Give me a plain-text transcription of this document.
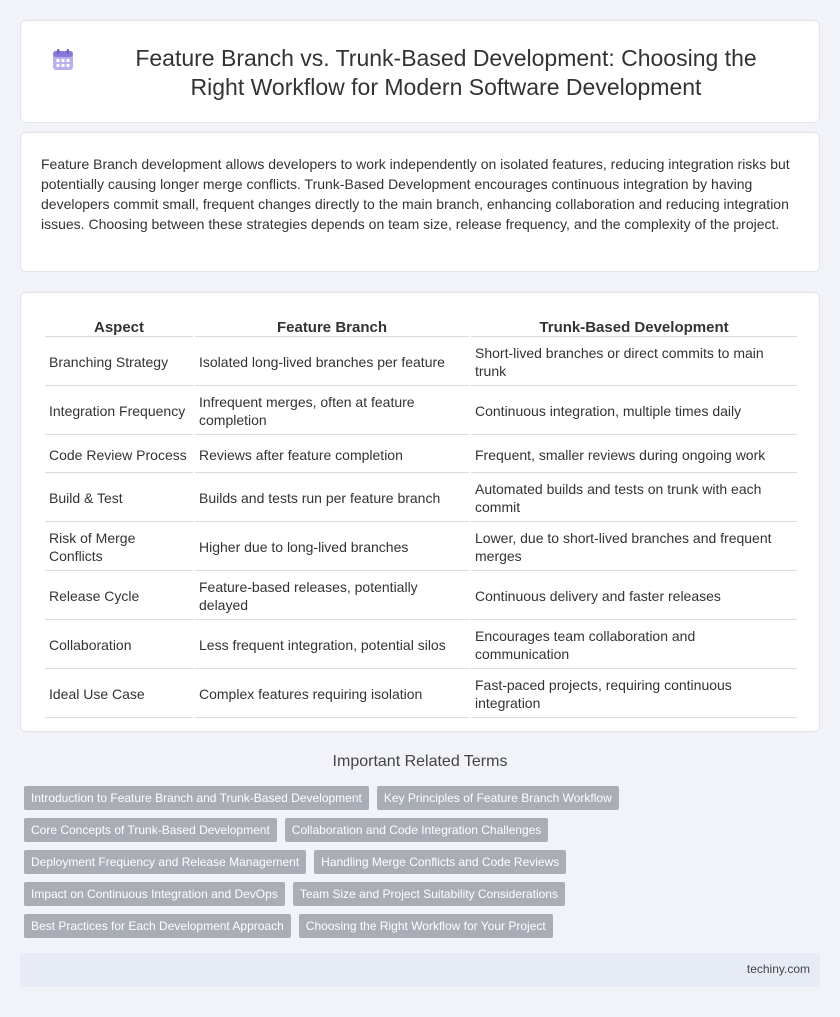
Feature Branch vs. Trunk-Based Development: Choosing the Right Workflow for Modern Software Development

Feature Branch development allows developers to work independently on isolated features, reducing integration risks but potentially causing longer merge conflicts. Trunk-Based Development encourages continuous integration by having developers commit small, frequent changes directly to the main branch, enhancing collaboration and reducing integration issues. Choosing between these strategies depends on team size, release frequency, and the complexity of the project.

Aspect	Feature Branch	Trunk-Based Development
Branching Strategy	Isolated long-lived branches per feature	Short-lived branches or direct commits to main trunk
Integration Frequency	Infrequent merges, often at feature completion	Continuous integration, multiple times daily
Code Review Process	Reviews after feature completion	Frequent, smaller reviews during ongoing work
Build & Test	Builds and tests run per feature branch	Automated builds and tests on trunk with each commit
Risk of Merge Conflicts	Higher due to long-lived branches	Lower, due to short-lived branches and frequent merges
Release Cycle	Feature-based releases, potentially delayed	Continuous delivery and faster releases
Collaboration	Less frequent integration, potential silos	Encourages team collaboration and communication
Ideal Use Case	Complex features requiring isolation	Fast-paced projects, requiring continuous integration
Important Related Terms
Introduction to Feature Branch and Trunk-Based Development	Key Principles of Feature Branch Workflow
Core Concepts of Trunk-Based Development	Collaboration and Code Integration Challenges
Deployment Frequency and Release Management	Handling Merge Conflicts and Code Reviews
Impact on Continuous Integration and DevOps	Team Size and Project Suitability Considerations
Best Practices for Each Development Approach	Choosing the Right Workflow for Your Project
techiny.com
